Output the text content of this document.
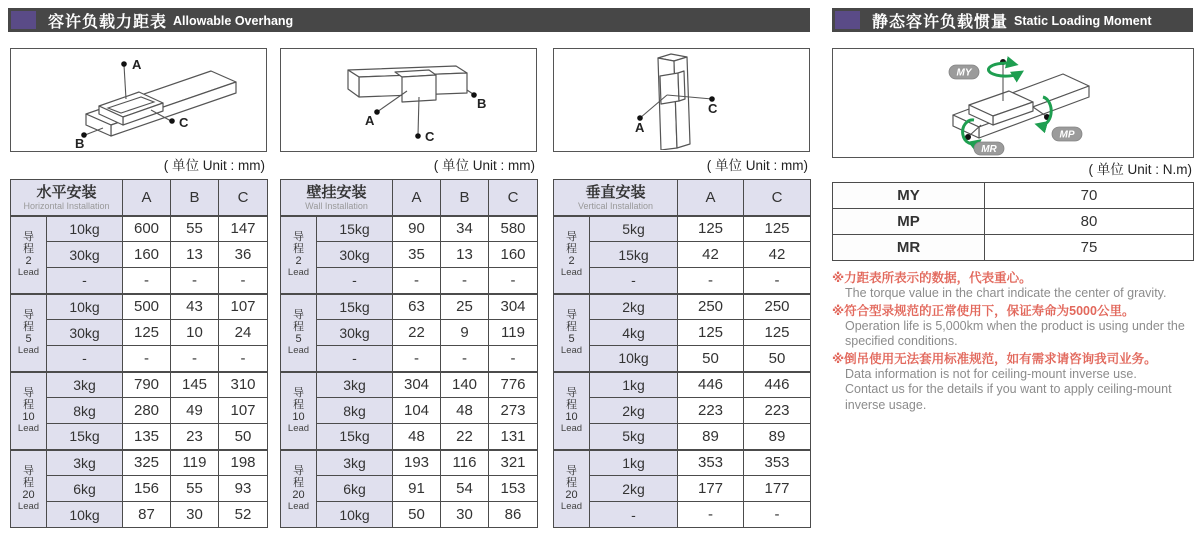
容许负载力距表 Allowable Overhang	静态容许负载惯量 Static Loading Moment
A
B
C
( 单位 Unit : mm)
水平安装
Horizontal Installation		A	B	C

导
程
2
Lead	10kg	600	55	147
	30kg	160	13	36
	-	-	-	-

导
程
5
Lead	10kg	500	43	107
	30kg	125	10	24
	-	-	-	-

导
程
10
Lead	3kg	790	145	310
	8kg	280	49	107
	15kg	135	23	50

导
程
20
Lead	3kg	325	119	198
	6kg	156	55	93
	10kg	87	30	52
A
C
B
( 单位 Unit : mm)
壁挂安装
Wall Installation		A	B	C

导
程
2
Lead	15kg	90	34	580
	30kg	35	13	160
	-	-	-	-

导
程
5
Lead	15kg	63	25	304
	30kg	22	9	119
	-	-	-	-

导
程
10
Lead	3kg	304	140	776
	8kg	104	48	273
	15kg	48	22	131

导
程
20
Lead	3kg	193	116	321
	6kg	91	54	153
	10kg	50	30	86
A
C
( 单位 Unit : mm)
垂直安装
Vertical Installation		A	C

导
程
2
Lead	5kg	125	125
	15kg	42	42
	-	-	-

导
程
5
Lead	2kg	250	250
	4kg	125	125
	10kg	50	50

导
程
10
Lead	1kg	446	446
	2kg	223	223
	5kg	89	89

导
程
20
Lead	1kg	353	353
	2kg	177	177
	-	-	-
MY
MP
MR
( 单位 Unit : N.m)
MY	70
MP	80
MR	75
※力距表所表示的数据，代表重心。
The torque value in the chart indicate the center of gravity.
※符合型录规范的正常使用下，保证寿命为5000公里。
Operation life is 5,000km when the product is using under the specified conditions.
※倒吊使用无法套用标准规范，如有需求请咨询我司业务。
Data information is not for ceiling-mount inverse use.
Contact us for the details if you want to apply ceiling-mount inverse usage.
